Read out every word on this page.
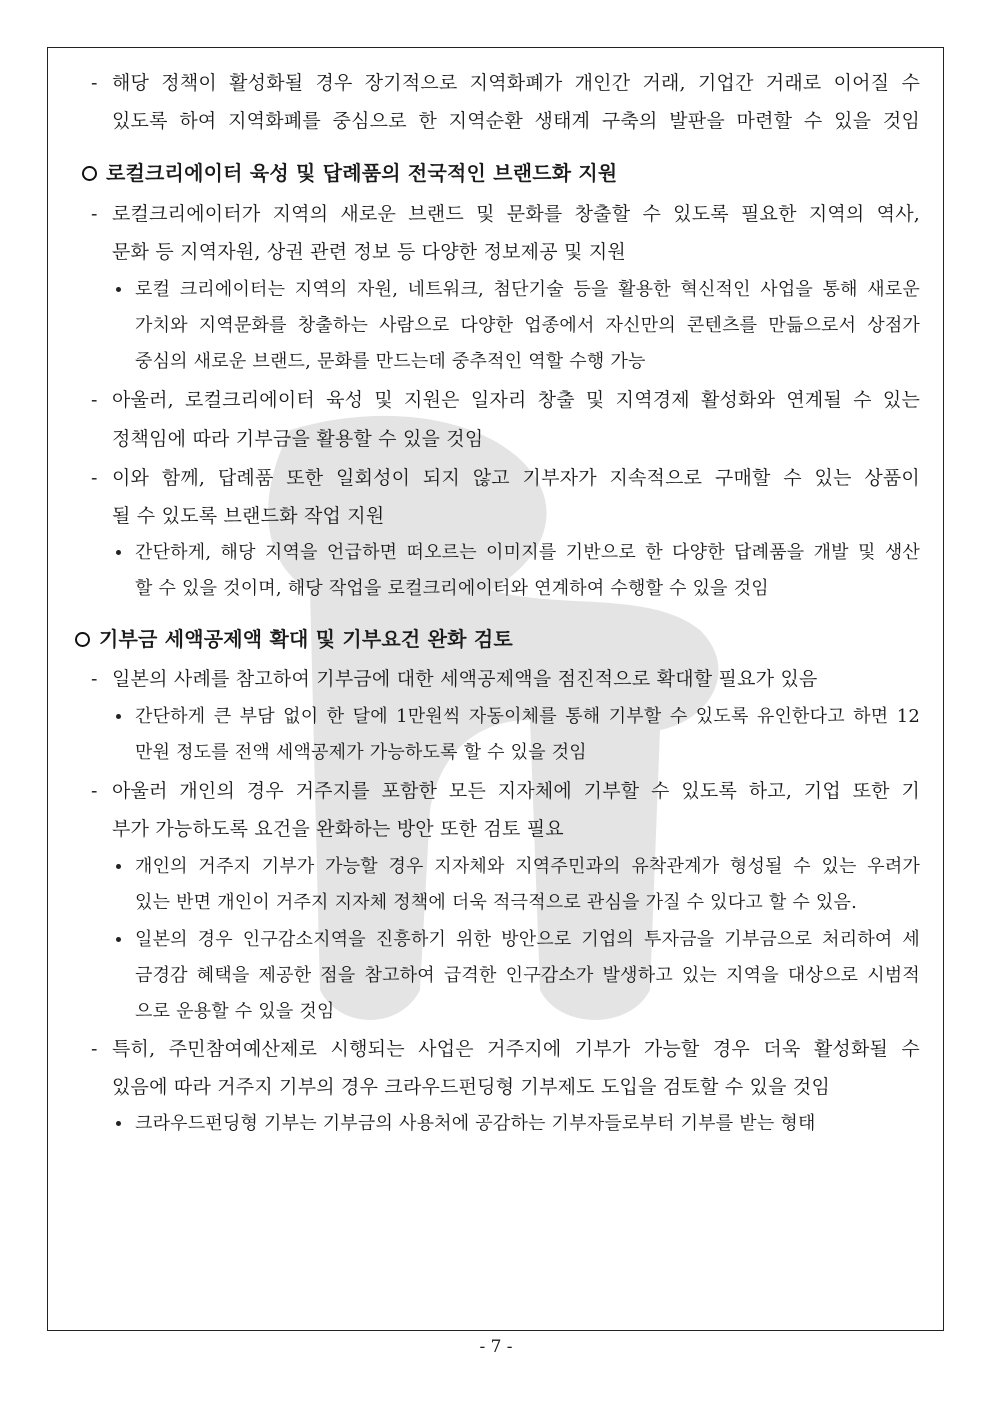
- 해당 정책이 활성화될 경우 장기적으로 지역화폐가 개인간 거래, 기업간 거래로 이어질 수
있도록 하여 지역화폐를 중심으로 한 지역순환 생태계 구축의 발판을 마련할 수 있을 것임
로컬크리에이터 육성 및 답례품의 전국적인 브랜드화 지원
- 로컬크리에이터가 지역의 새로운 브랜드 및 문화를 창출할 수 있도록 필요한 지역의 역사,
문화 등 지역자원, 상권 관련 정보 등 다양한 정보제공 및 지원
로컬 크리에이터는 지역의 자원, 네트워크, 첨단기술 등을 활용한 혁신적인 사업을 통해 새로운
가치와 지역문화를 창출하는 사람으로 다양한 업종에서 자신만의 콘텐츠를 만듦으로서 상점가
중심의 새로운 브랜드, 문화를 만드는데 중추적인 역할 수행 가능
- 아울러, 로컬크리에이터 육성 및 지원은 일자리 창출 및 지역경제 활성화와 연계될 수 있는
정책임에 따라 기부금을 활용할 수 있을 것임
- 이와 함께, 답례품 또한 일회성이 되지 않고 기부자가 지속적으로 구매할 수 있는 상품이
될 수 있도록 브랜드화 작업 지원
간단하게, 해당 지역을 언급하면 떠오르는 이미지를 기반으로 한 다양한 답례품을 개발 및 생산
할 수 있을 것이며, 해당 작업을 로컬크리에이터와 연계하여 수행할 수 있을 것임
기부금 세액공제액 확대 및 기부요건 완화 검토
- 일본의 사례를 참고하여 기부금에 대한 세액공제액을 점진적으로 확대할 필요가 있음
간단하게 큰 부담 없이 한 달에 1만원씩 자동이체를 통해 기부할 수 있도록 유인한다고 하면 12
만원 정도를 전액 세액공제가 가능하도록 할 수 있을 것임
- 아울러 개인의 경우 거주지를 포함한 모든 지자체에 기부할 수 있도록 하고, 기업 또한 기
부가 가능하도록 요건을 완화하는 방안 또한 검토 필요
개인의 거주지 기부가 가능할 경우 지자체와 지역주민과의 유착관계가 형성될 수 있는 우려가
있는 반면 개인이 거주지 지자체 정책에 더욱 적극적으로 관심을 가질 수 있다고 할 수 있음.
일본의 경우 인구감소지역을 진흥하기 위한 방안으로 기업의 투자금을 기부금으로 처리하여 세
금경감 혜택을 제공한 점을 참고하여 급격한 인구감소가 발생하고 있는 지역을 대상으로 시범적
으로 운용할 수 있을 것임
- 특히, 주민참여예산제로 시행되는 사업은 거주지에 기부가 가능할 경우 더욱 활성화될 수
있음에 따라 거주지 기부의 경우 크라우드펀딩형 기부제도 도입을 검토할 수 있을 것임
크라우드펀딩형 기부는 기부금의 사용처에 공감하는 기부자들로부터 기부를 받는 형태
- 7 -
